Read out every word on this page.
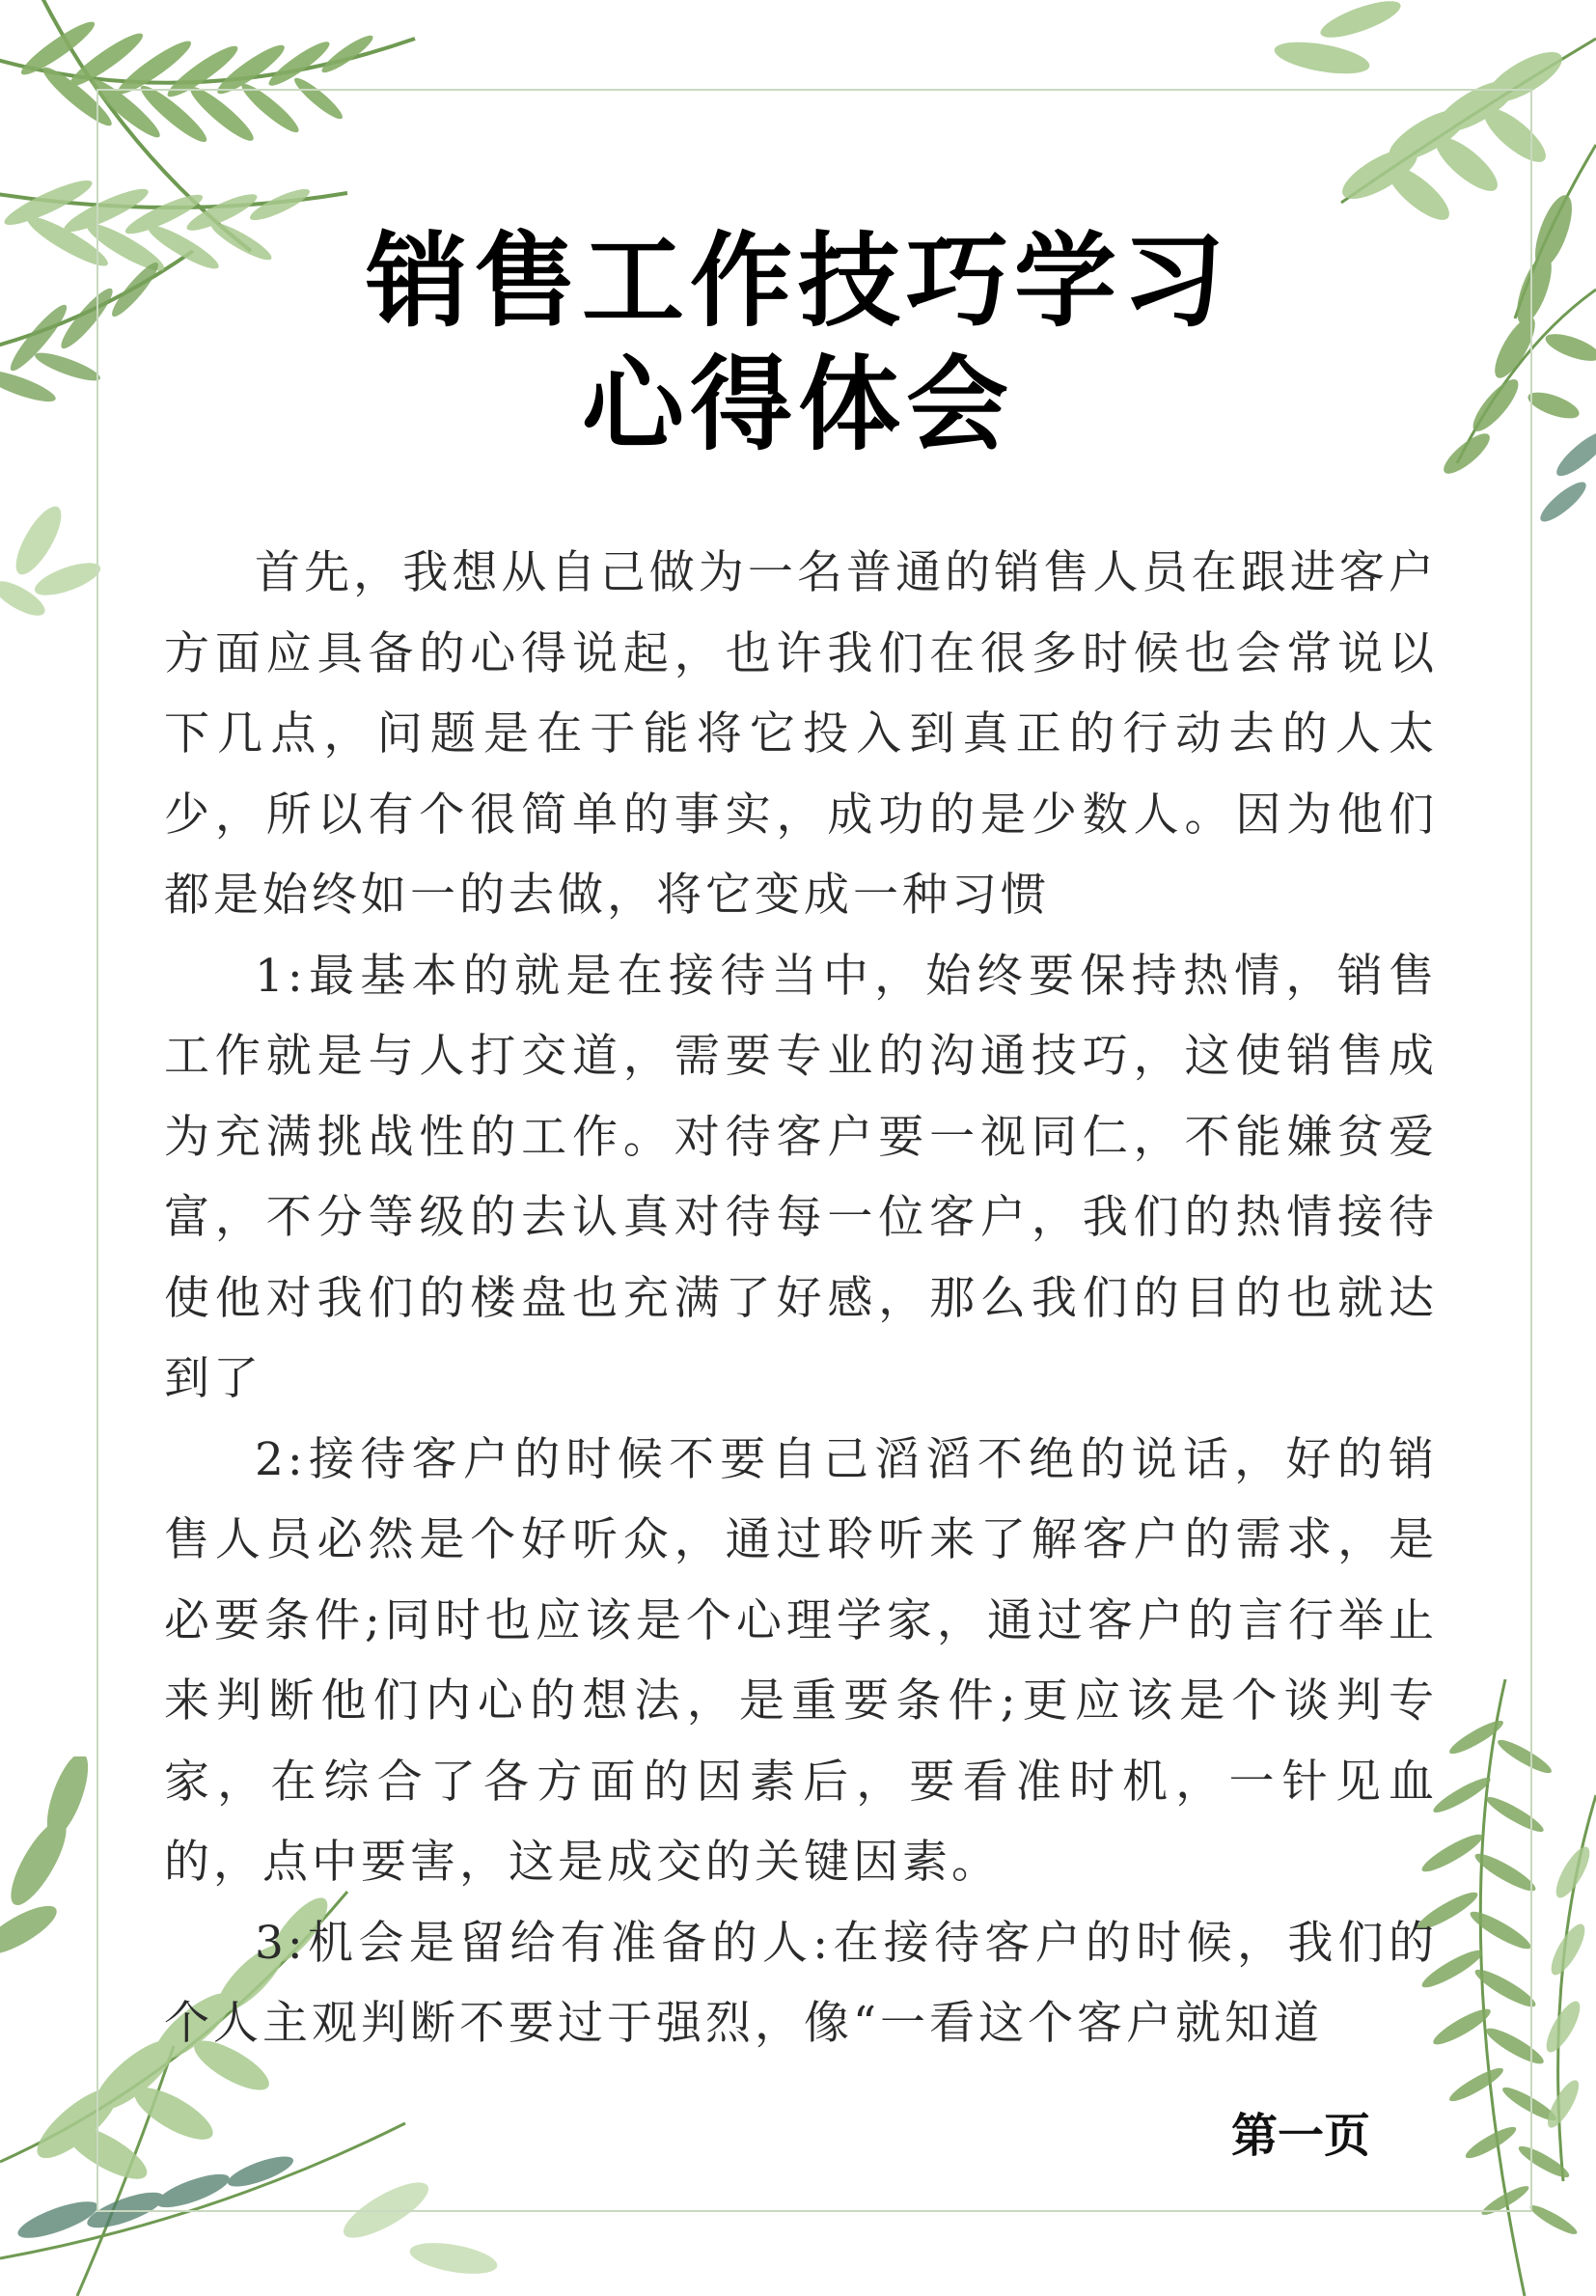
销售工作技巧学习
心得体会

首先，我想从自己做为一名普通的销售人员在跟进客户方面应具备的心得说起，也许我们在很多时候也会常说以下几点，问题是在于能将它投入到真正的行动去的人太少，所以有个很简单的事实，成功的是少数人。因为他们都是始终如一的去做，将它变成一种习惯

1:最基本的就是在接待当中，始终要保持热情，销售工作就是与人打交道，需要专业的沟通技巧，这使销售成为充满挑战性的工作。对待客户要一视同仁，不能嫌贫爱富，不分等级的去认真对待每一位客户，我们的热情接待使他对我们的楼盘也充满了好感，那么我们的目的也就达到了

2:接待客户的时候不要自己滔滔不绝的说话，好的销售人员必然是个好听众，通过聆听来了解客户的需求，是必要条件;同时也应该是个心理学家，通过客户的言行举止来判断他们内心的想法，是重要条件;更应该是个谈判专家，在综合了各方面的因素后，要看准时机，一针见血的，点中要害，这是成交的关键因素。

3:机会是留给有准备的人:在接待客户的时候，我们的个人主观判断不要过于强烈，像“一看这个客户就知道

第一页
